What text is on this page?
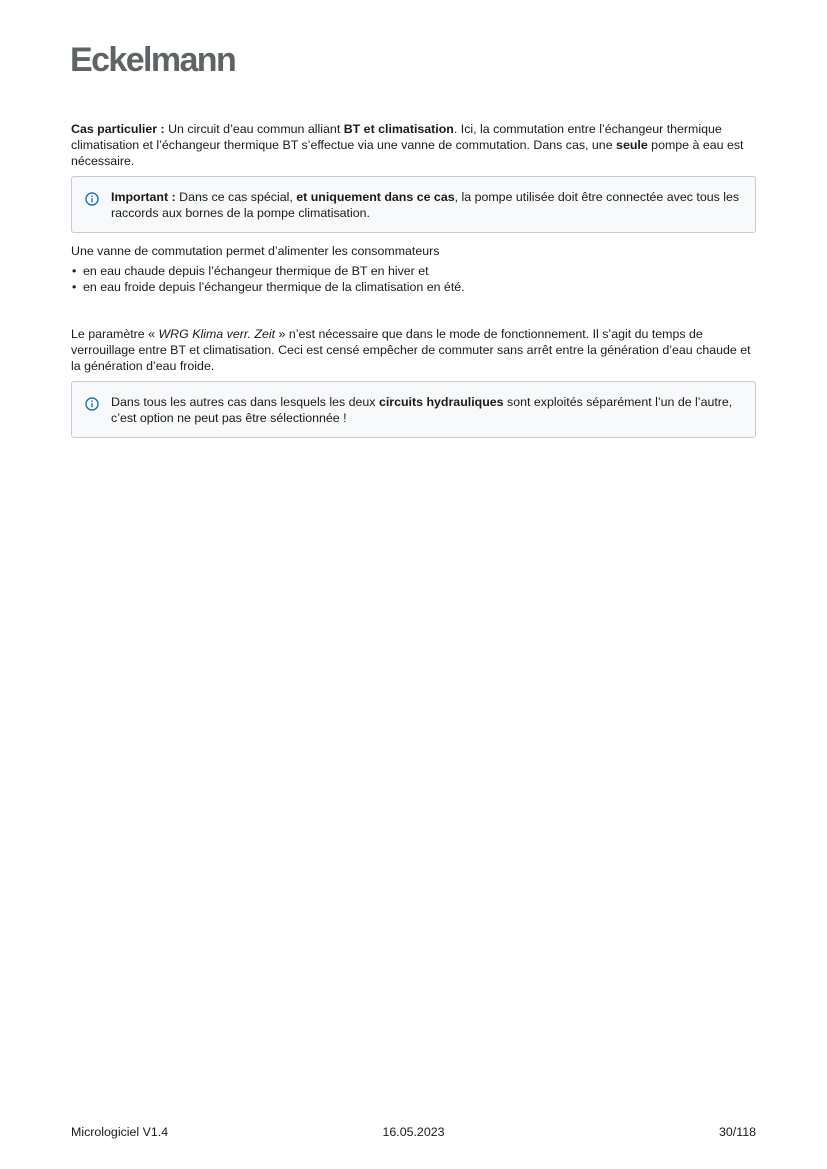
Eckelmann

Cas particulier : Un circuit d’eau commun alliant BT et climatisation. Ici, la commutation entre l’échangeur thermique climatisation et l’échangeur thermique BT s’effectue via une vanne de commutation. Dans cas, une seule pompe à eau est nécessaire.

Important : Dans ce cas spécial, et uniquement dans ce cas, la pompe utilisée doit être connectée avec tous les raccords aux bornes de la pompe climatisation.

Une vanne de commutation permet d’alimenter les consommateurs

• en eau chaude depuis l’échangeur thermique de BT en hiver et
• en eau froide depuis l’échangeur thermique de la climatisation en été.

Le paramètre « WRG Klima verr. Zeit » n’est nécessaire que dans le mode de fonctionnement. Il s’agit du temps de verrouillage entre BT et climatisation. Ceci est censé empêcher de commuter sans arrêt entre la génération d’eau chaude et la génération d’eau froide.

Dans tous les autres cas dans lesquels les deux circuits hydrauliques sont exploités séparément l’un de l’autre, c’est option ne peut pas être sélectionnée !

Micrologiciel V1.4	16.05.2023	30/118
